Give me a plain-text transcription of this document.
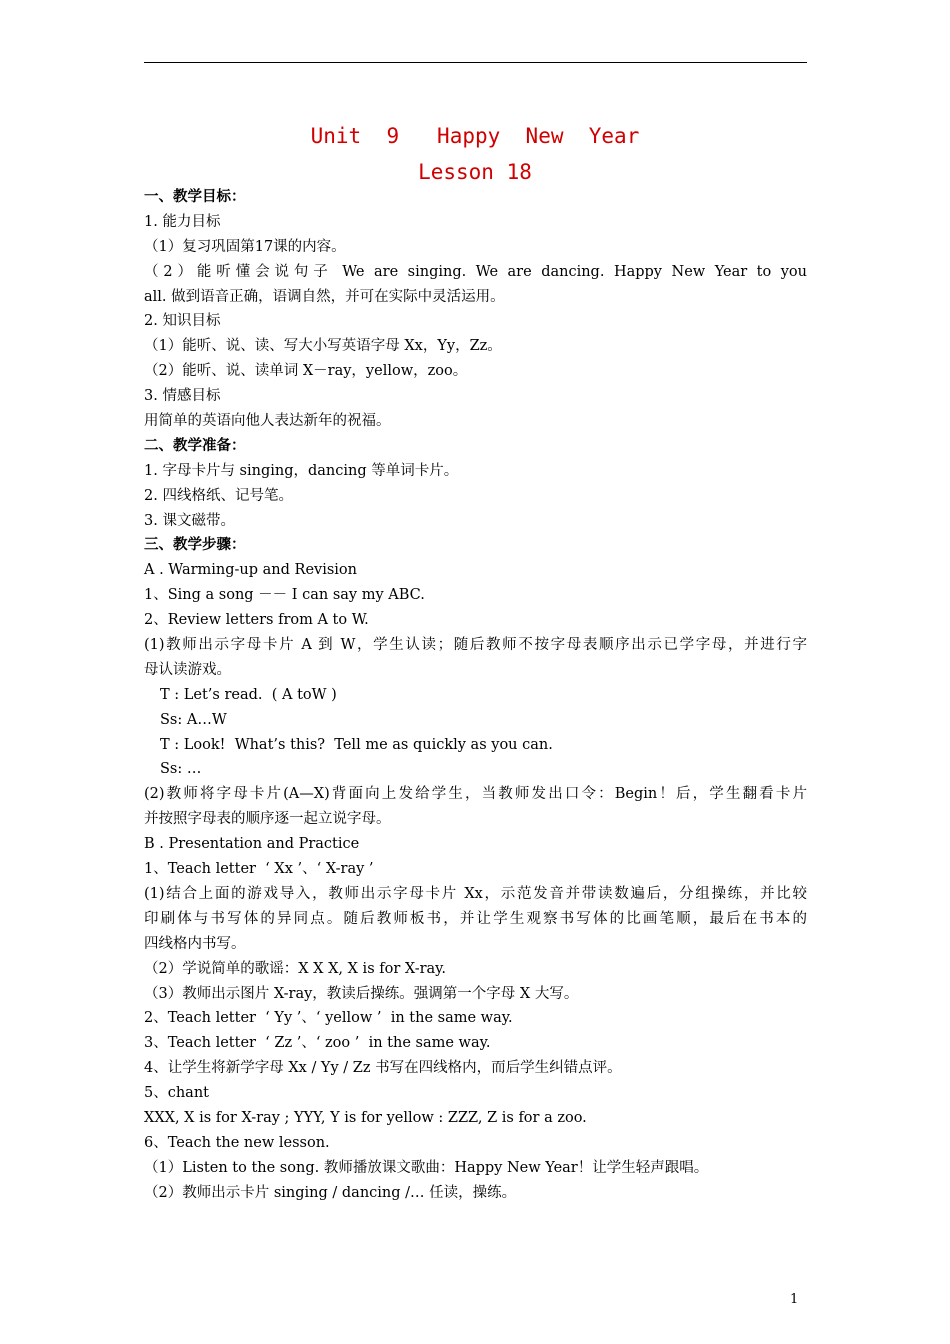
Unit  9   Happy  New  Year
Lesson 18
一、教学目标：
1. 能力目标
（1）复习巩固第17课的内容。
（2）能听懂会说句子 We are singing. We are dancing. Happy New Year to you
all. 做到语音正确，语调自然，并可在实际中灵活运用。
2. 知识目标
（1）能听、说、读、写大小写英语字母 Xx，Yy，Zz。
（2）能听、说、读单词 X－ray，yellow，zoo。
3. 情感目标
用简单的英语向他人表达新年的祝福。
二、教学准备：
1. 字母卡片与 singing，dancing 等单词卡片。
2. 四线格纸、记号笔。
3. 课文磁带。
三、教学步骤：
A . Warming-up and Revision
1、Sing a song －－ I can say my ABC.
2、Review letters from A to W.
(1)教师出示字母卡片 A 到 W，学生认读；随后教师不按字母表顺序出示已学字母，并进行字
母认读游戏。
T : Let’s read.  ( A toW )
Ss: A…W
T : Look!  What’s this?  Tell me as quickly as you can.
Ss: …
(2)教师将字母卡片(A—X)背面向上发给学生，当教师发出口令：Begin！后，学生翻看卡片
并按照字母表的顺序逐一起立说字母。
B . Presentation and Practice
1、Teach letter  ‘ Xx ’、‘ X-ray ’
(1)结合上面的游戏导入，教师出示字母卡片 Xx，示范发音并带读数遍后，分组操练，并比较
印刷体与书写体的异同点。随后教师板书，并让学生观察书写体的比画笔顺，最后在书本的
四线格内书写。
（2）学说简单的歌谣：X X X, X is for X-ray.
（3）教师出示图片 X-ray，教读后操练。强调第一个字母 X 大写。
2、Teach letter  ‘ Yy ’、‘ yellow ’  in the same way.
3、Teach letter  ‘ Zz ’、‘ zoo ’  in the same way.
4、让学生将新学字母 Xx / Yy / Zz 书写在四线格内，而后学生纠错点评。
5、chant
XXX, X is for X-ray ; YYY, Y is for yellow : ZZZ, Z is for a zoo.
6、Teach the new lesson.
（1）Listen to the song. 教师播放课文歌曲：Happy New Year！让学生轻声跟唱。
（2）教师出示卡片 singing / dancing /… 任读，操练。
1
